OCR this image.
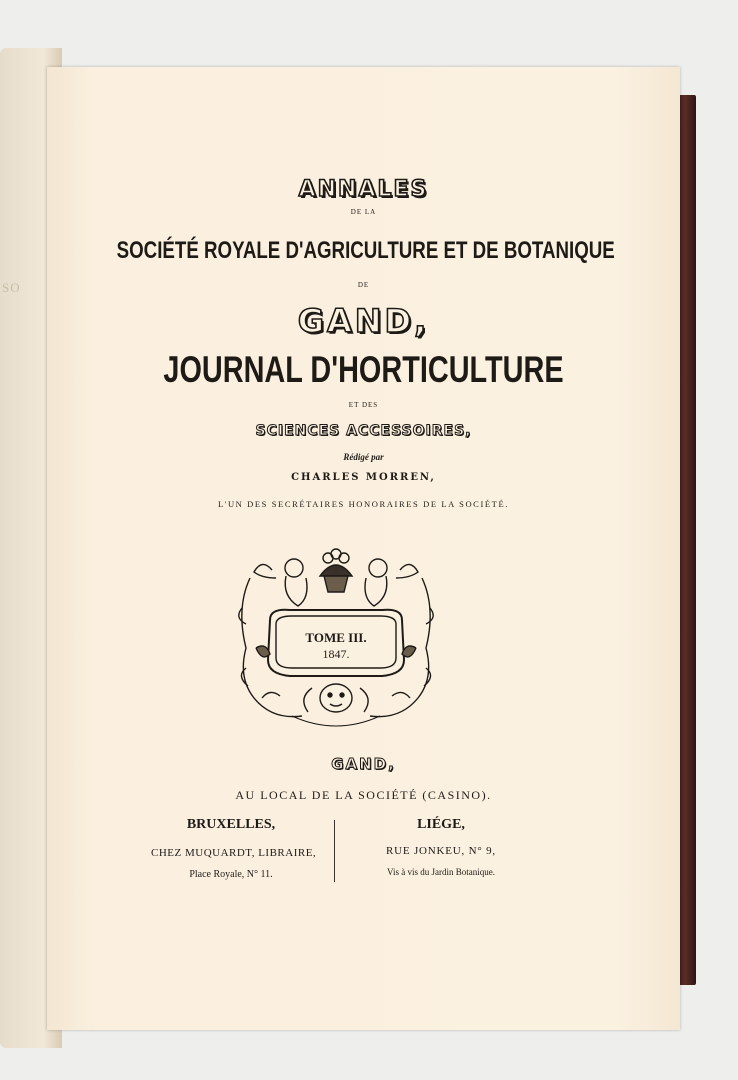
SO
ANNALES
DE LA
SOCIÉTÉ ROYALE D'AGRICULTURE ET DE BOTANIQUE
DE
GAND,
JOURNAL D'HORTICULTURE
ET DES
SCIENCES ACCESSOIRES,
Rédigé par
CHARLES MORREN,
L'UN DES SECRÉTAIRES HONORAIRES DE LA SOCIÉTÉ.
GAND,
AU LOCAL DE LA SOCIÉTÉ (CASINO).
BRUXELLES,
CHEZ MUQUARDT, LIBRAIRE,
Place Royale, N° 11.
LIÉGE,
RUE JONKEU, N° 9,
Vis à vis du Jardin Botanique.
TOME III.
1847.
